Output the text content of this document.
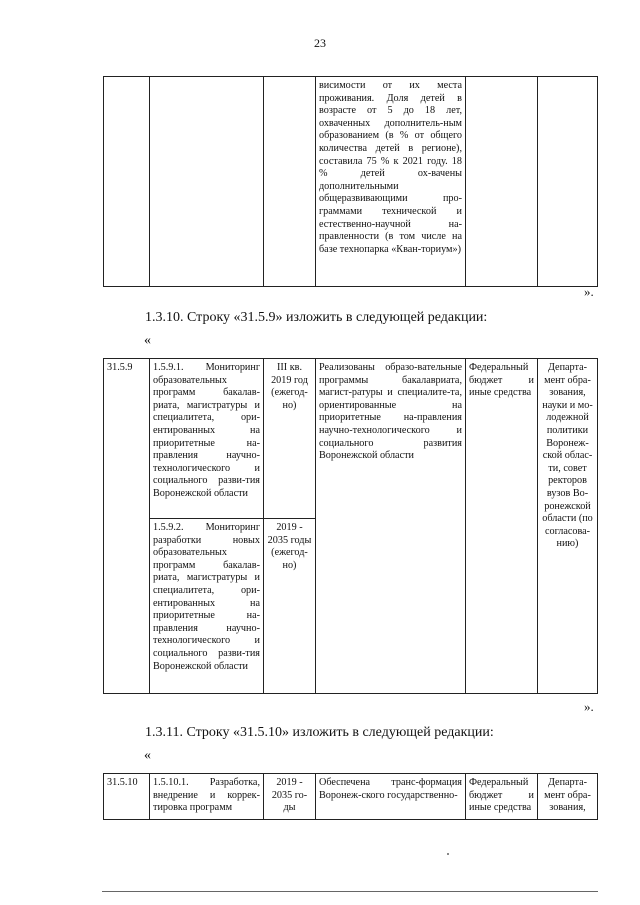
23
			висимости от их места проживания. Доля детей в возрасте от 5 до 18 лет, охваченных дополнитель-ным образованием (в % от общего количества детей в регионе), составила 75 % к 2021 году. 18 % детей ох-вачены дополнительными общеразвивающими про-граммами технической и естественно-научной на-правленности (в том числе на базе технопарка «Кван-ториум»)		
».
1.3.10. Строку «31.5.9» изложить в следующей редакции:
«
31.5.9	1.5.9.1. Мониторинг образовательных программ бакалав-риата, магистратуры и специалитета, ори-ентированных на приоритетные на-правления научно-технологического и социального разви-тия Воронежской области	III кв. 2019 год (ежегод-но)	Реализованы образо-вательные программы бакалавриата, магист-ратуры и специалите-та, ориентированные на приоритетные на-правления научно-технологического и социального развития Воронежской области	Федеральный бюджет и иные средства	Департа-мент обра-зования, науки и мо-лодежной политики Воронеж-ской облас-ти, совет ректоров вузов Во-ронежской области (по согласова-нию)
	1.5.9.2. Мониторинг разработки новых образовательных программ бакалав-риата, магистратуры и специалитета, ори-ентированных на приоритетные на-правления научно-технологического и социального разви-тия Воронежской области	2019 - 2035 годы (ежегод-но)			
».
1.3.11. Строку «31.5.10» изложить в следующей редакции:
«
31.5.10	1.5.10.1. Разработка, внедрение и коррек-тировка программ	2019 - 2035 го-ды	Обеспечена транс-формация Воронеж-ского государственно-	Федеральный бюджет и иные средства	Департа-мент обра-зования,
